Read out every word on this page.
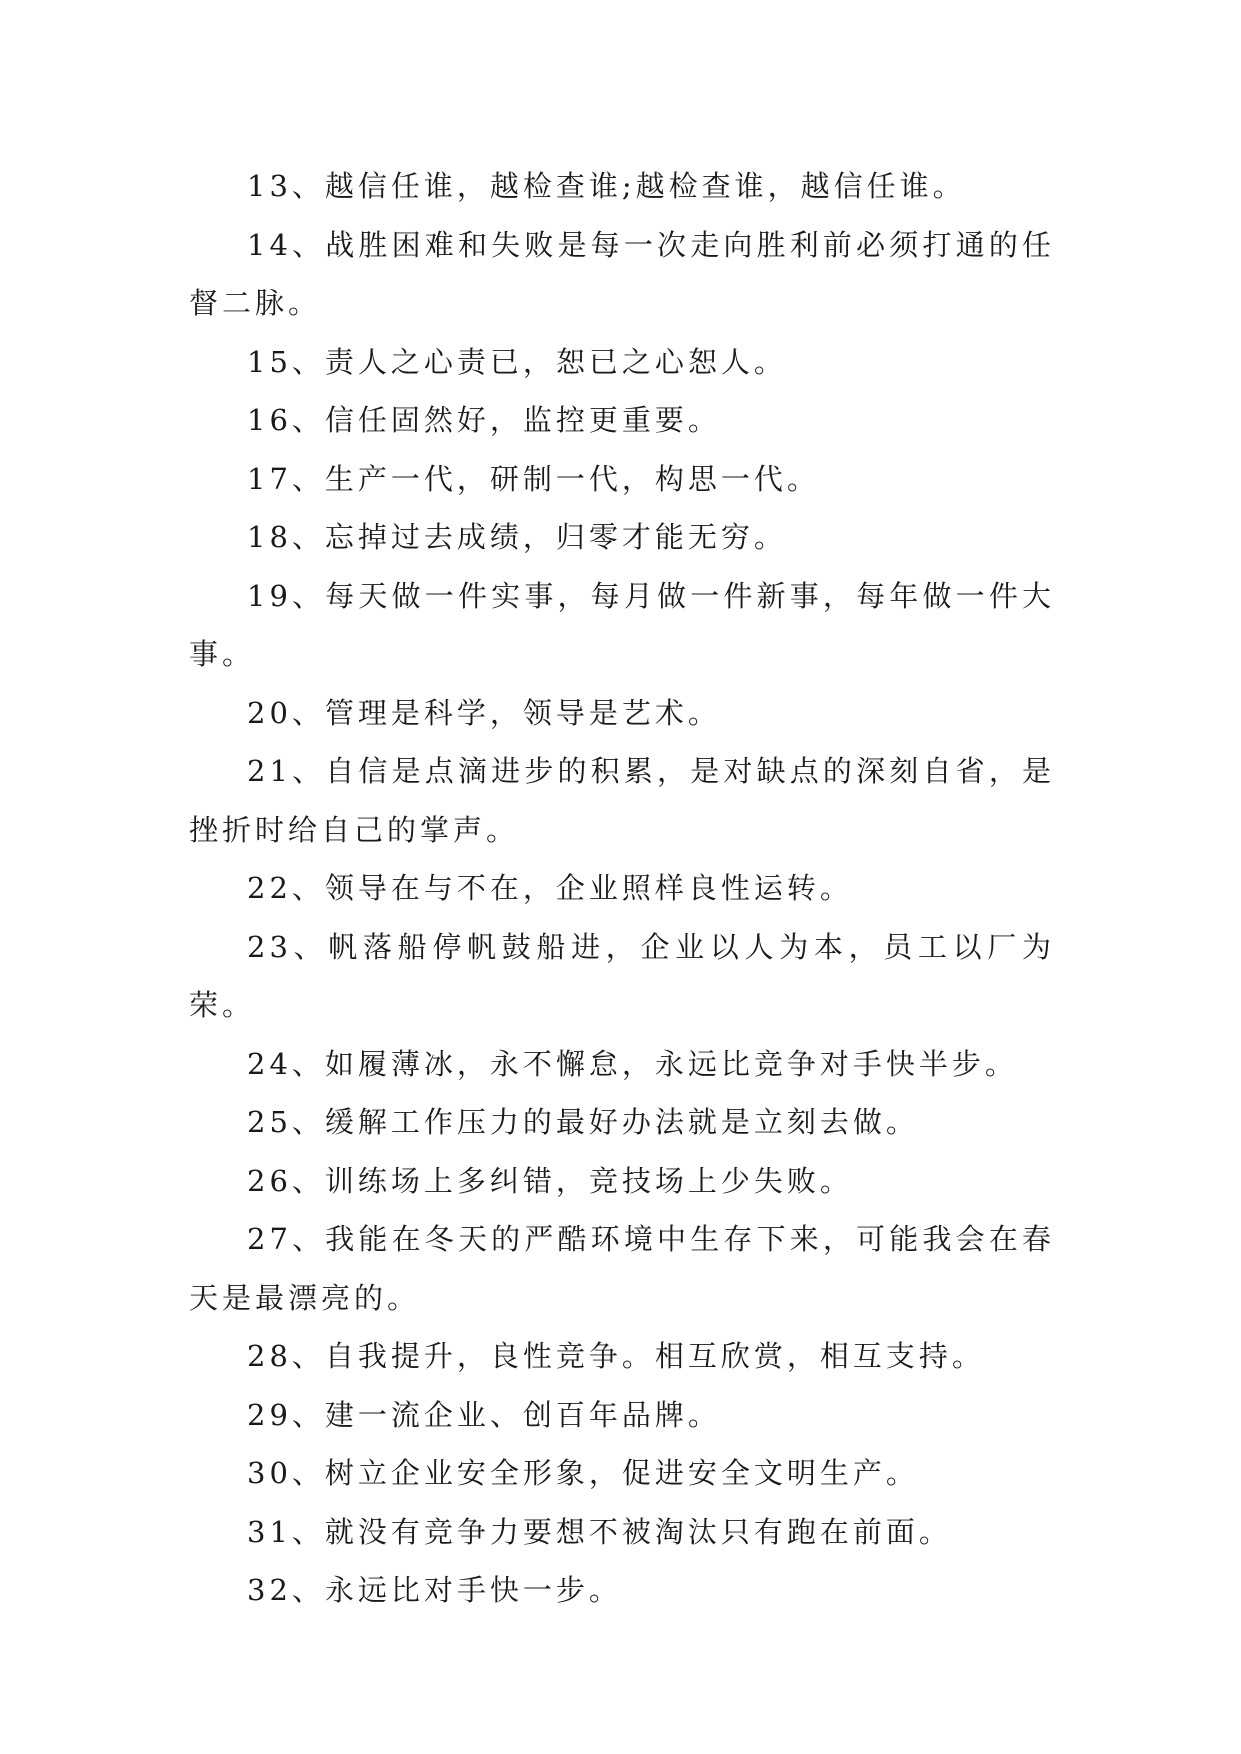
13、越信任谁，越检查谁;越检查谁，越信任谁。

14、战胜困难和失败是每一次走向胜利前必须打通的任督二脉。

15、责人之心责已，恕已之心恕人。

16、信任固然好，监控更重要。

17、生产一代，研制一代，构思一代。

18、忘掉过去成绩，归零才能无穷。

19、每天做一件实事，每月做一件新事，每年做一件大事。

20、管理是科学，领导是艺术。

21、自信是点滴进步的积累，是对缺点的深刻自省，是挫折时给自己的掌声。

22、领导在与不在，企业照样良性运转。

23、帆落船停帆鼓船进，企业以人为本，员工以厂为荣。

24、如履薄冰，永不懈怠，永远比竞争对手快半步。

25、缓解工作压力的最好办法就是立刻去做。

26、训练场上多纠错，竞技场上少失败。

27、我能在冬天的严酷环境中生存下来，可能我会在春天是最漂亮的。

28、自我提升，良性竞争。相互欣赏，相互支持。

29、建一流企业、创百年品牌。

30、树立企业安全形象，促进安全文明生产。

31、就没有竞争力要想不被淘汰只有跑在前面。

32、永远比对手快一步。
